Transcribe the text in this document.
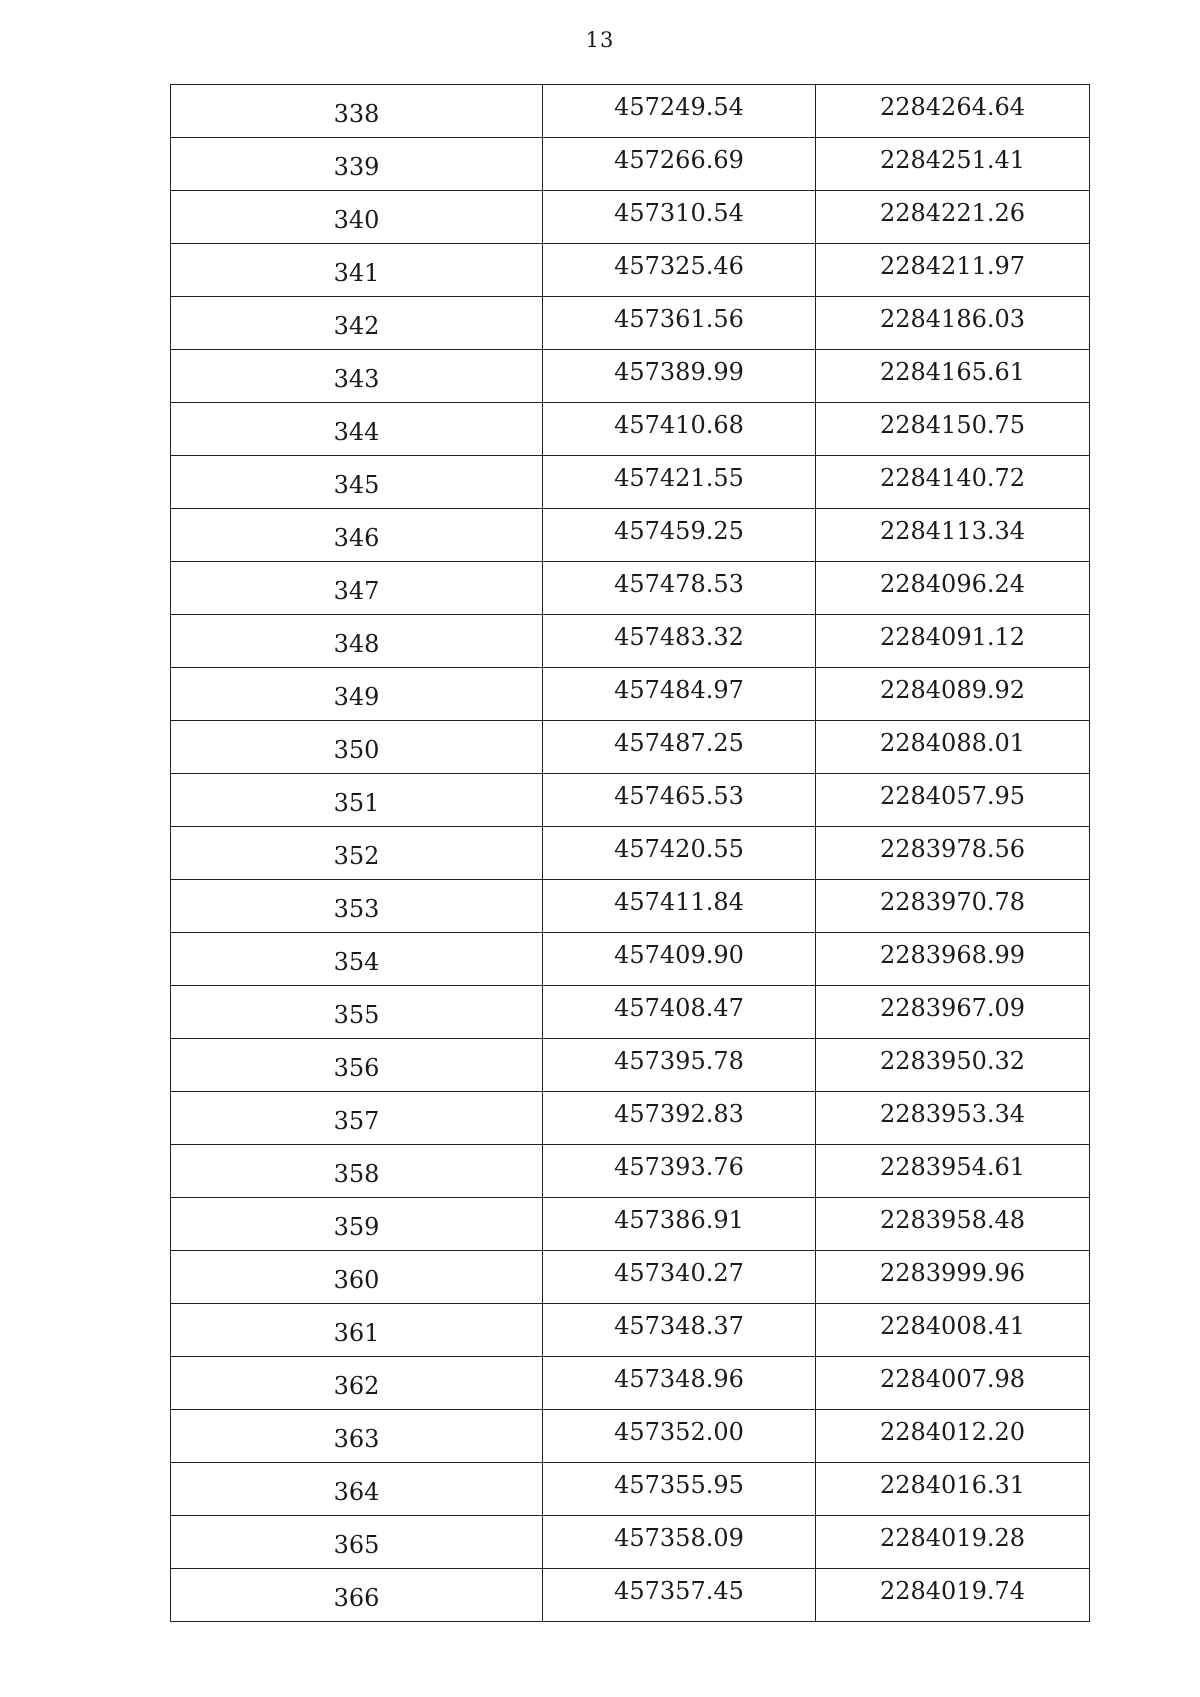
13
338	457249.54	2284264.64
339	457266.69	2284251.41
340	457310.54	2284221.26
341	457325.46	2284211.97
342	457361.56	2284186.03
343	457389.99	2284165.61
344	457410.68	2284150.75
345	457421.55	2284140.72
346	457459.25	2284113.34
347	457478.53	2284096.24
348	457483.32	2284091.12
349	457484.97	2284089.92
350	457487.25	2284088.01
351	457465.53	2284057.95
352	457420.55	2283978.56
353	457411.84	2283970.78
354	457409.90	2283968.99
355	457408.47	2283967.09
356	457395.78	2283950.32
357	457392.83	2283953.34
358	457393.76	2283954.61
359	457386.91	2283958.48
360	457340.27	2283999.96
361	457348.37	2284008.41
362	457348.96	2284007.98
363	457352.00	2284012.20
364	457355.95	2284016.31
365	457358.09	2284019.28
366	457357.45	2284019.74
